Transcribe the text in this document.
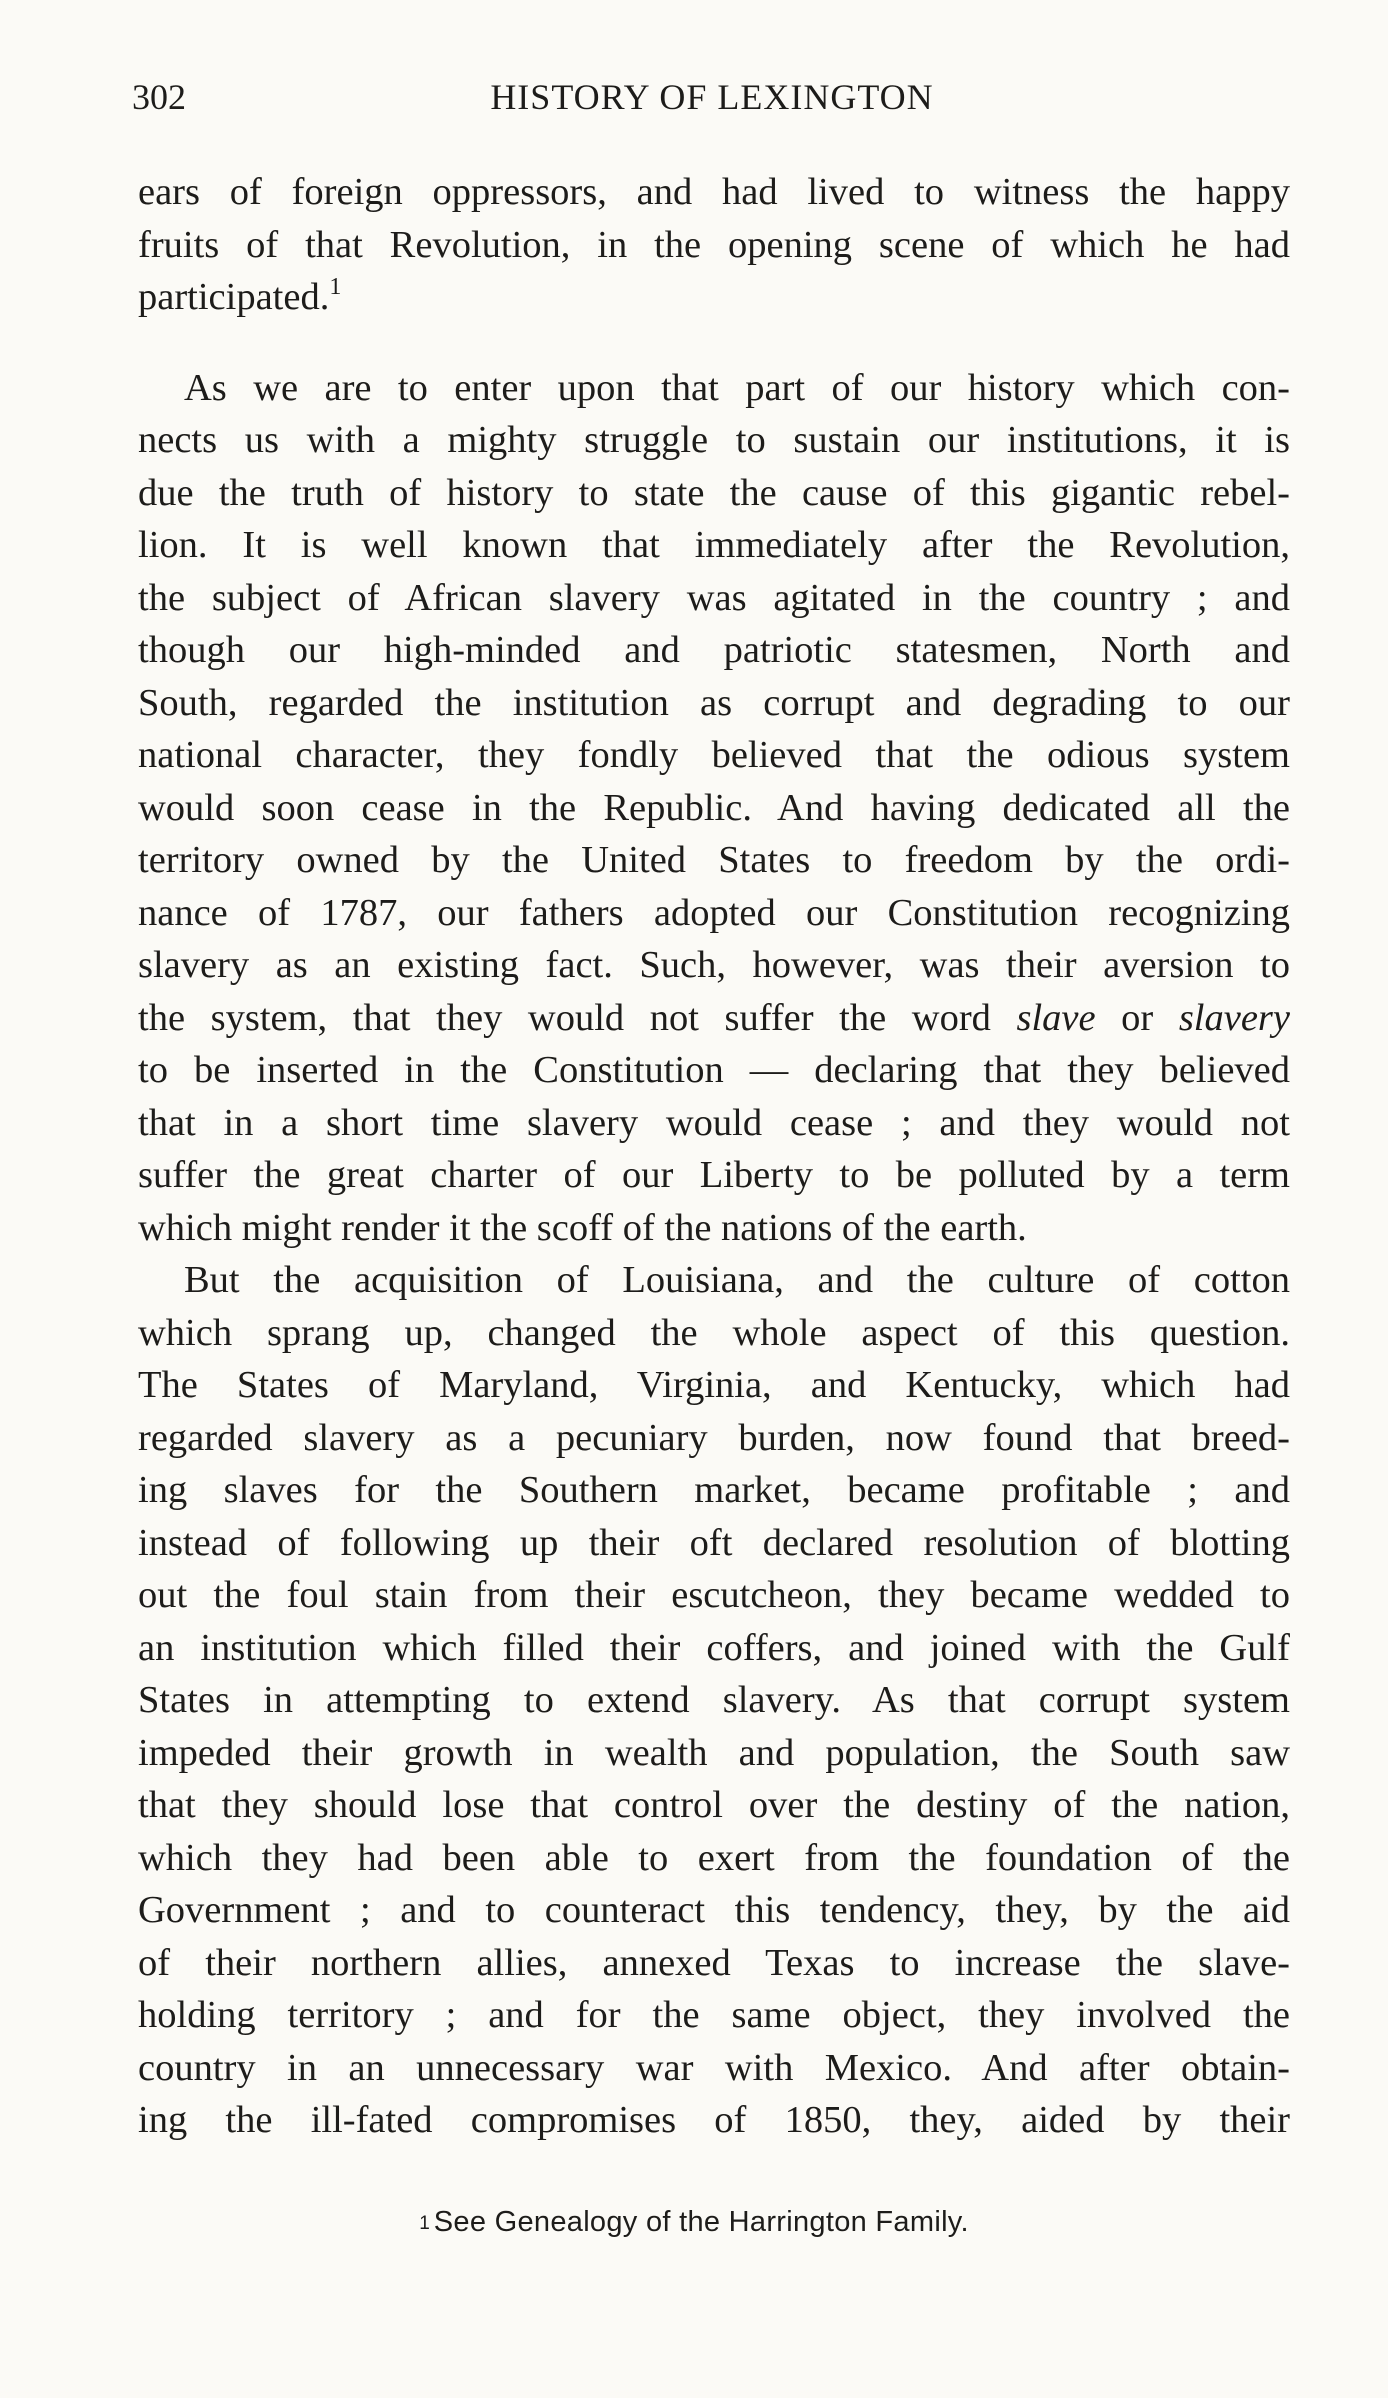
302	HISTORY OF LEXINGTON
ears of foreign oppressors, and had lived to witness the happy
fruits of that Revolution, in the opening scene of which he had
participated.$^1$
As we are to enter upon that part of our history which con-
nects us with a mighty struggle to sustain our institutions, it is
due the truth of history to state the cause of this gigantic rebel-
lion. It is well known that immediately after the Revolution,
the subject of African slavery was agitated in the country ; and
though our high-minded and patriotic statesmen, North and
South, regarded the institution as corrupt and degrading to our
national character, they fondly believed that the odious system
would soon cease in the Republic. And having dedicated all the
territory owned by the United States to freedom by the ordi-
nance of 1787, our fathers adopted our Constitution recognizing
slavery as an existing fact. Such, however, was their aversion to
the system, that they would not suffer the word slave or slavery
to be inserted in the Constitution — declaring that they believed
that in a short time slavery would cease ; and they would not
suffer the great charter of our Liberty to be polluted by a term
which might render it the scoff of the nations of the earth.
But the acquisition of Louisiana, and the culture of cotton
which sprang up, changed the whole aspect of this question.
The States of Maryland, Virginia, and Kentucky, which had
regarded slavery as a pecuniary burden, now found that breed-
ing slaves for the Southern market, became profitable ; and
instead of following up their oft declared resolution of blotting
out the foul stain from their escutcheon, they became wedded to
an institution which filled their coffers, and joined with the Gulf
States in attempting to extend slavery. As that corrupt system
impeded their growth in wealth and population, the South saw
that they should lose that control over the destiny of the nation,
which they had been able to exert from the foundation of the
Government ; and to counteract this tendency, they, by the aid
of their northern allies, annexed Texas to increase the slave-
holding territory ; and for the same object, they involved the
country in an unnecessary war with Mexico. And after obtain-
ing the ill-fated compromises of 1850, they, aided by their
$^1$ See Genealogy of the Harrington Family.
